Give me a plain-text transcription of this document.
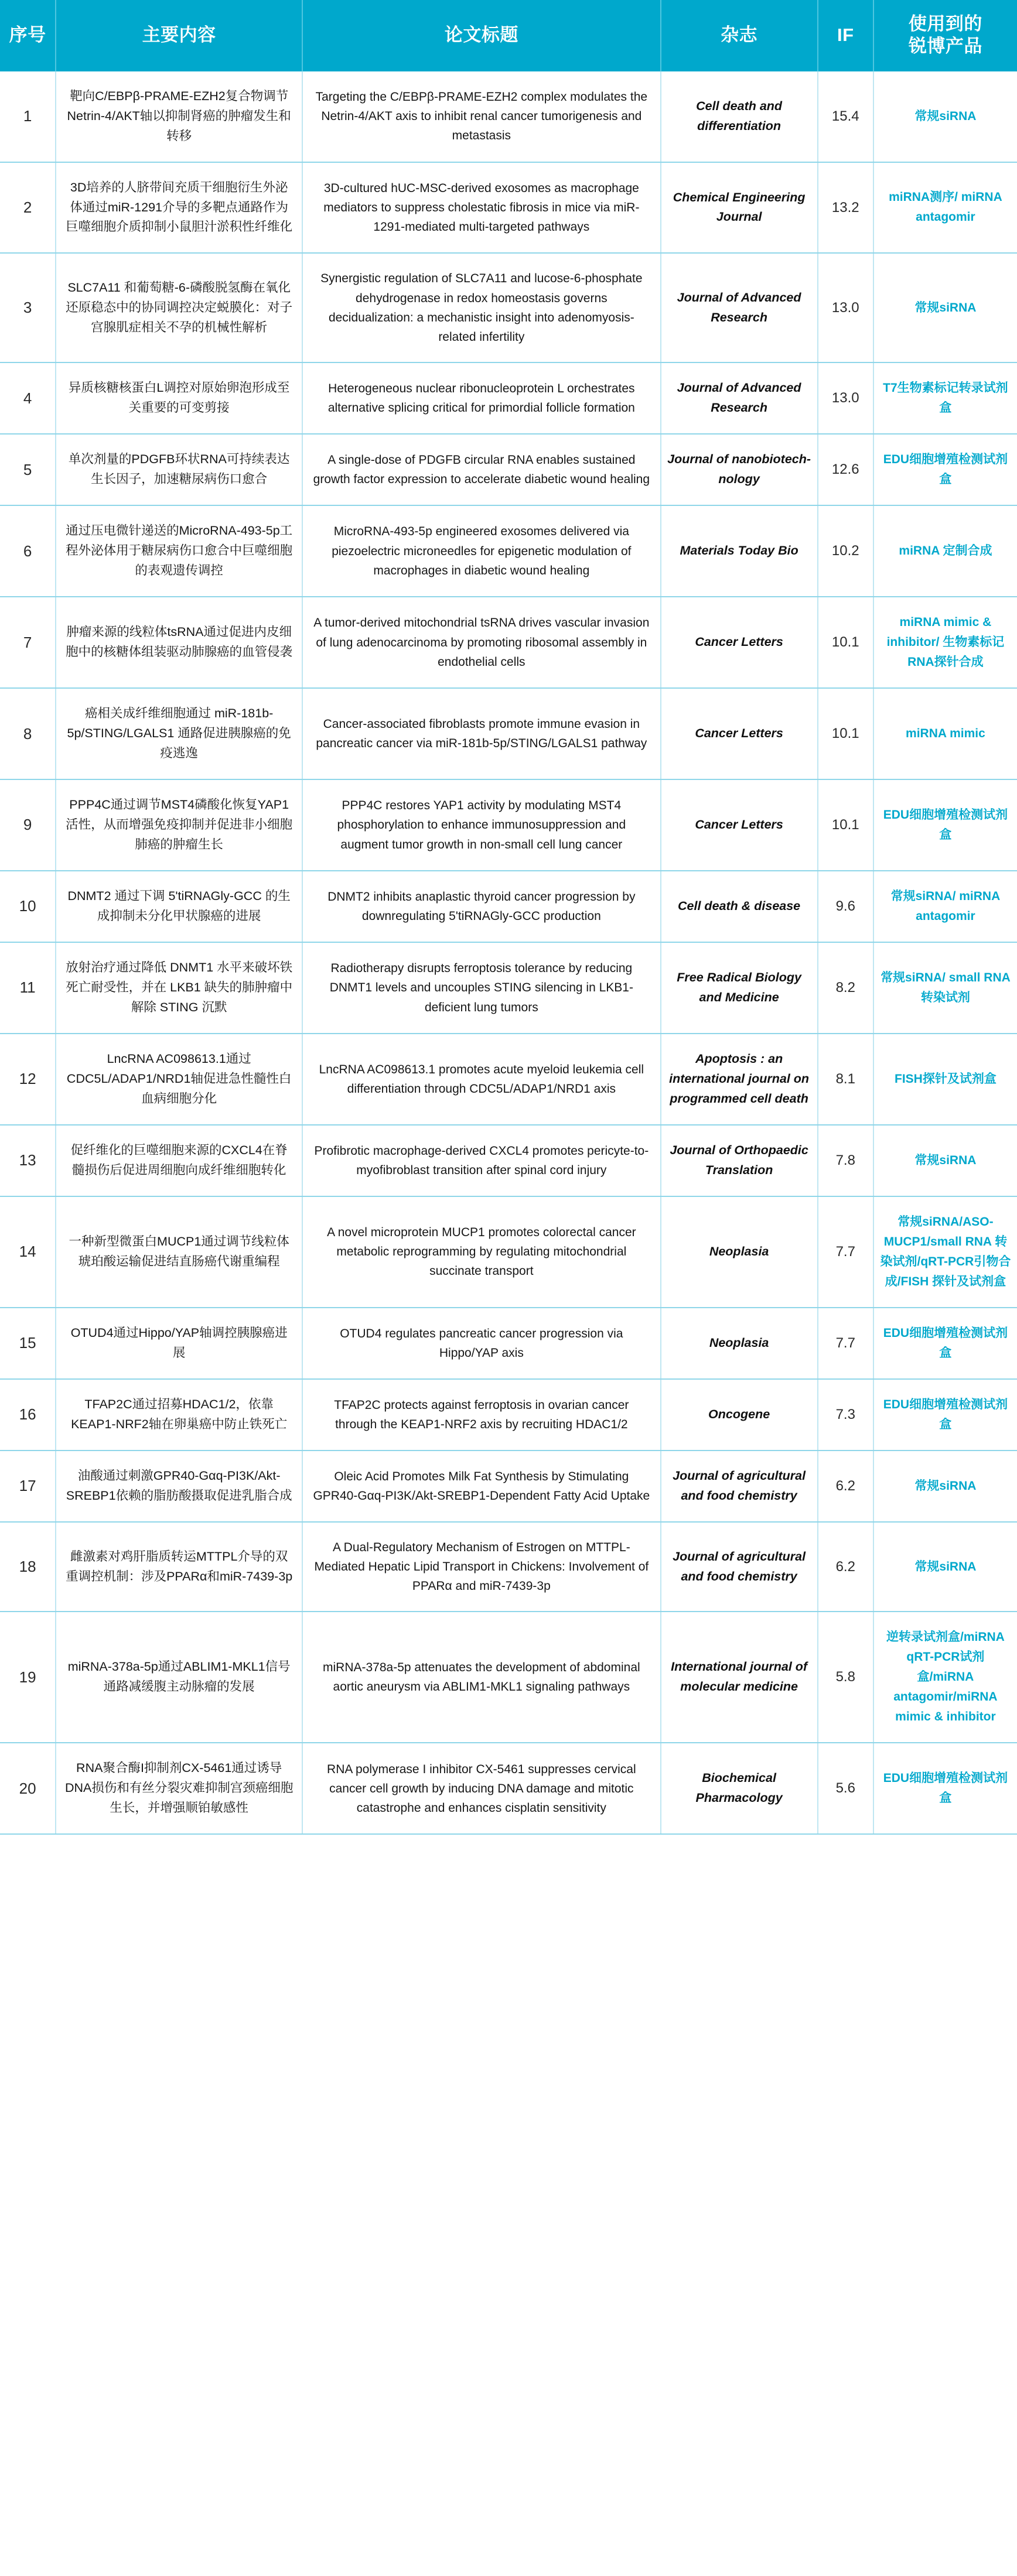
序号	主要内容	论文标题	杂志	IF	使用到的
锐博产品
1	靶向C/EBPβ-PRAME-EZH2复合物调节Netrin-4/AKT轴以抑制肾癌的肿瘤发生和转移	Targeting the C/EBPβ-PRAME-EZH2 complex modulates the Netrin-4/AKT axis to inhibit renal cancer tumorigenesis and metastasis	Cell death and differentiation	15.4	常规siRNA
2	3D培养的人脐带间充质干细胞衍生外泌体通过miR-1291介导的多靶点通路作为巨噬细胞介质抑制小鼠胆汁淤积性纤维化	3D-cultured hUC-MSC-derived exosomes as macrophage mediators to suppress cholestatic fibrosis in mice via miR-1291-mediated multi-targeted pathways	Chemical Engineering Journal	13.2	miRNA测序/ miRNA antagomir
3	SLC7A11 和葡萄糖-6-磷酸脱氢酶在氧化还原稳态中的协同调控决定蜕膜化：对子宫腺肌症相关不孕的机械性解析	Synergistic regulation of SLC7A11 and lucose-6-phosphate dehydrogenase in redox homeostasis governs decidualization: a mechanistic insight into adenomyosis-related infertility	Journal of Advanced Research	13.0	常规siRNA
4	异质核糖核蛋白L调控对原始卵泡形成至关重要的可变剪接	Heterogeneous nuclear ribonucleoprotein L orchestrates alternative splicing critical for primordial follicle formation	Journal of Advanced Research	13.0	T7生物素标记转录试剂盒
5	单次剂量的PDGFB环状RNA可持续表达生长因子，加速糖尿病伤口愈合	A single-dose of PDGFB circular RNA enables sustained growth factor expression to accelerate diabetic wound healing	Journal of nanobiotech-nology	12.6	EDU细胞增殖检测试剂盒
6	通过压电微针递送的MicroRNA-493-5p工程外泌体用于糖尿病伤口愈合中巨噬细胞的表观遗传调控	MicroRNA-493-5p engineered exosomes delivered via piezoelectric microneedles for epigenetic modulation of macrophages in diabetic wound healing	Materials Today Bio	10.2	miRNA 定制合成
7	肿瘤来源的线粒体tsRNA通过促进内皮细胞中的核糖体组装驱动肺腺癌的血管侵袭	A tumor-derived mitochondrial tsRNA drives vascular invasion of lung adenocarcinoma by promoting ribosomal assembly in endothelial cells	Cancer Letters	10.1	miRNA mimic & inhibitor/ 生物素标记RNA探针合成
8	癌相关成纤维细胞通过 miR-181b-5p/STING/LGALS1 通路促进胰腺癌的免疫逃逸	Cancer-associated fibroblasts promote immune evasion in pancreatic cancer via miR-181b-5p/STING/LGALS1 pathway	Cancer Letters	10.1	miRNA mimic
9	PPP4C通过调节MST4磷酸化恢复YAP1活性，从而增强免疫抑制并促进非小细胞肺癌的肿瘤生长	PPP4C restores YAP1 activity by modulating MST4 phosphorylation to enhance immunosuppression and augment tumor growth in non-small cell lung cancer	Cancer Letters	10.1	EDU细胞增殖检测试剂盒
10	DNMT2 通过下调 5'tiRNAGly-GCC 的生成抑制未分化甲状腺癌的进展	DNMT2 inhibits anaplastic thyroid cancer progression by downregulating 5'tiRNAGly-GCC production	Cell death & disease	9.6	常规siRNA/ miRNA antagomir
11	放射治疗通过降低 DNMT1 水平来破坏铁死亡耐受性，并在 LKB1 缺失的肺肿瘤中解除 STING 沉默	Radiotherapy disrupts ferroptosis tolerance by reducing DNMT1 levels and uncouples STING silencing in LKB1-deficient lung tumors	Free Radical Biology and Medicine	8.2	常规siRNA/ small RNA 转染试剂
12	LncRNA AC098613.1通过CDC5L/ADAP1/NRD1轴促进急性髓性白血病细胞分化	LncRNA AC098613.1 promotes acute myeloid leukemia cell differentiation through CDC5L/ADAP1/NRD1 axis	Apoptosis : an international journal on programmed cell death	8.1	FISH探针及试剂盒
13	促纤维化的巨噬细胞来源的CXCL4在脊髓损伤后促进周细胞向成纤维细胞转化	Profibrotic macrophage-derived CXCL4 promotes pericyte-to-myofibroblast transition after spinal cord injury	Journal of Orthopaedic Translation	7.8	常规siRNA
14	一种新型微蛋白MUCP1通过调节线粒体琥珀酸运输促进结直肠癌代谢重编程	A novel microprotein MUCP1 promotes colorectal cancer metabolic reprogramming by regulating mitochondrial succinate transport	Neoplasia	7.7	常规siRNA/ASO-MUCP1/small RNA 转染试剂/qRT-PCR引物合成/FISH 探针及试剂盒
15	OTUD4通过Hippo/YAP轴调控胰腺癌进展	OTUD4 regulates pancreatic cancer progression via Hippo/YAP axis	Neoplasia	7.7	EDU细胞增殖检测试剂盒
16	TFAP2C通过招募HDAC1/2，依靠KEAP1-NRF2轴在卵巢癌中防止铁死亡	TFAP2C protects against ferroptosis in ovarian cancer through the KEAP1-NRF2 axis by recruiting HDAC1/2	Oncogene	7.3	EDU细胞增殖检测试剂盒
17	油酸通过刺激GPR40-Gαq-PI3K/Akt-SREBP1依赖的脂肪酸摄取促进乳脂合成	Oleic Acid Promotes Milk Fat Synthesis by Stimulating GPR40-Gαq-PI3K/Akt-SREBP1-Dependent Fatty Acid Uptake	Journal of agricultural and food chemistry	6.2	常规siRNA
18	雌激素对鸡肝脂质转运MTTPL介导的双重调控机制：涉及PPARα和miR-7439-3p	A Dual-Regulatory Mechanism of Estrogen on MTTPL-Mediated Hepatic Lipid Transport in Chickens: Involvement of PPARα and miR-7439-3p	Journal of agricultural and food chemistry	6.2	常规siRNA
19	miRNA-378a-5p通过ABLIM1-MKL1信号通路减缓腹主动脉瘤的发展	miRNA-378a-5p attenuates the development of abdominal aortic aneurysm via ABLIM1-MKL1 signaling pathways	International journal of molecular medicine	5.8	逆转录试剂盒/miRNA qRT-PCR试剂盒/miRNA antagomir/miRNA mimic & inhibitor
20	RNA聚合酶I抑制剂CX-5461通过诱导DNA损伤和有丝分裂灾难抑制宫颈癌细胞生长，并增强顺铂敏感性	RNA polymerase I inhibitor CX-5461 suppresses cervical cancer cell growth by inducing DNA damage and mitotic catastrophe and enhances cisplatin sensitivity	Biochemical Pharmacology	5.6	EDU细胞增殖检测试剂盒
